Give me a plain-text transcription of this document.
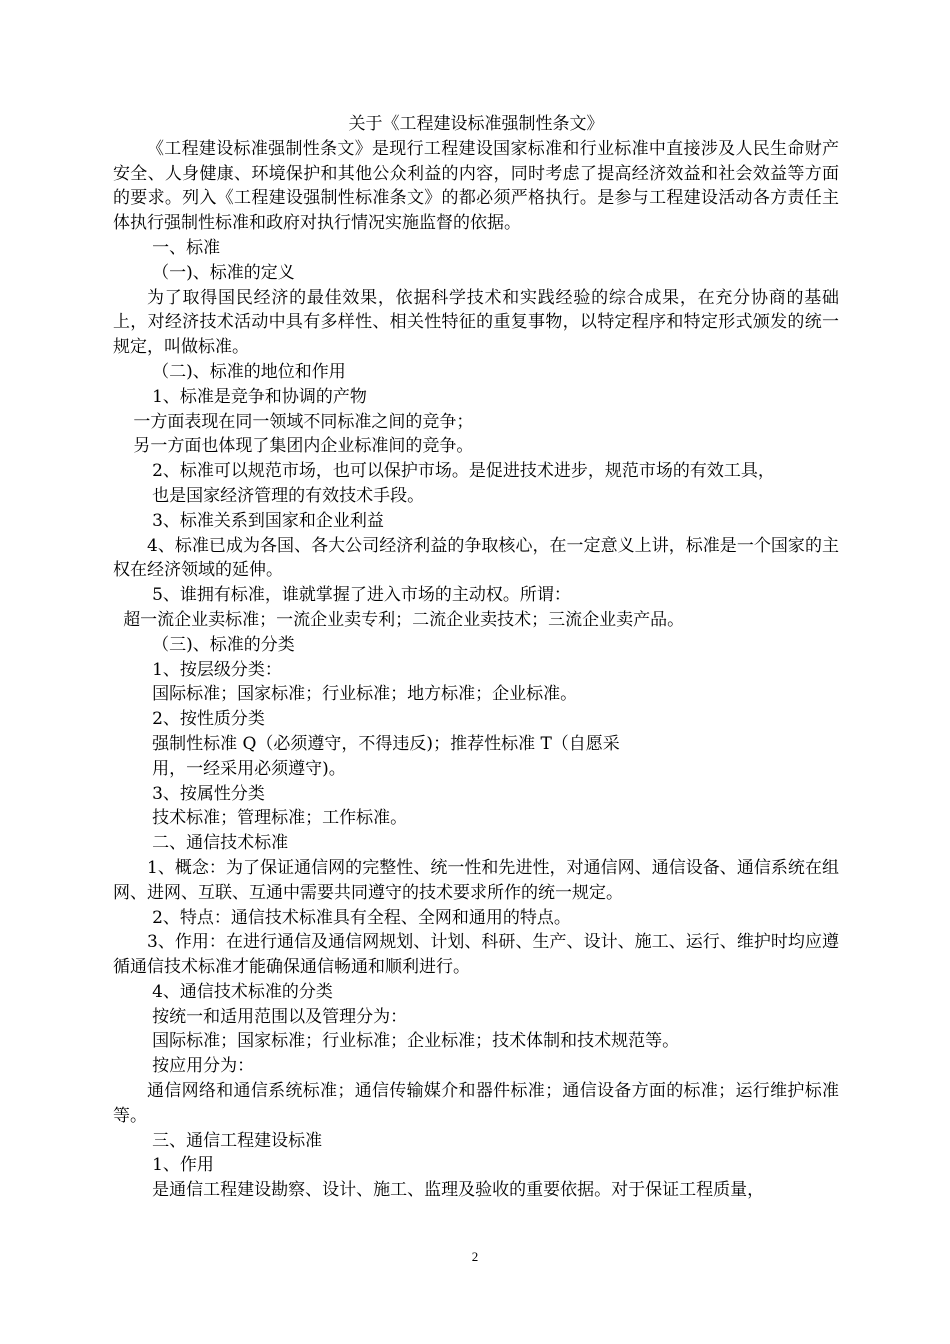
关于《工程建设标准强制性条文》

《工程建设标准强制性条文》是现行工程建设国家标准和行业标准中直接涉及人民生命财产安全、人身健康、环境保护和其他公众利益的内容，同时考虑了提高经济效益和社会效益等方面的要求。列入《工程建设强制性标准条文》的都必须严格执行。是参与工程建设活动各方责任主体执行强制性标准和政府对执行情况实施监督的依据。

一、标准

（一)、标准的定义

为了取得国民经济的最佳效果，依据科学技术和实践经验的综合成果，在充分协商的基础上，对经济技术活动中具有多样性、相关性特征的重复事物，以特定程序和特定形式颁发的统一规定，叫做标准。

（二)、标准的地位和作用

1、标准是竞争和协调的产物

一方面表现在同一领域不同标准之间的竞争；

另一方面也体现了集团内企业标准间的竞争。

2、标准可以规范市场，也可以保护市场。是促进技术进步，规范市场的有效工具，

也是国家经济管理的有效技术手段。

3、标准关系到国家和企业利益

4、标准已成为各国、各大公司经济利益的争取核心，在一定意义上讲，标准是一个国家的主权在经济领域的延伸。

5、谁拥有标准，谁就掌握了进入市场的主动权。所谓：

超一流企业卖标准；一流企业卖专利；二流企业卖技术；三流企业卖产品。

（三)、标准的分类

1、按层级分类：

国际标准；国家标准；行业标准；地方标准；企业标准。

2、按性质分类

强制性标准 Q（必须遵守，不得违反)；推荐性标准 T（自愿采

用，一经采用必须遵守)。

3、按属性分类

技术标准；管理标准；工作标准。

二、通信技术标准

1、概念：为了保证通信网的完整性、统一性和先进性，对通信网、通信设备、通信系统在组网、进网、互联、互通中需要共同遵守的技术要求所作的统一规定。

2、特点：通信技术标准具有全程、全网和通用的特点。

3、作用：在进行通信及通信网规划、计划、科研、生产、设计、施工、运行、维护时均应遵循通信技术标准才能确保通信畅通和顺利进行。

4、通信技术标准的分类

按统一和适用范围以及管理分为：

国际标准；国家标准；行业标准；企业标准；技术体制和技术规范等。

按应用分为：

通信网络和通信系统标准；通信传输媒介和器件标准；通信设备方面的标准；运行维护标准等。

三、通信工程建设标准

1、作用

是通信工程建设勘察、设计、施工、监理及验收的重要依据。对于保证工程质量，

2
